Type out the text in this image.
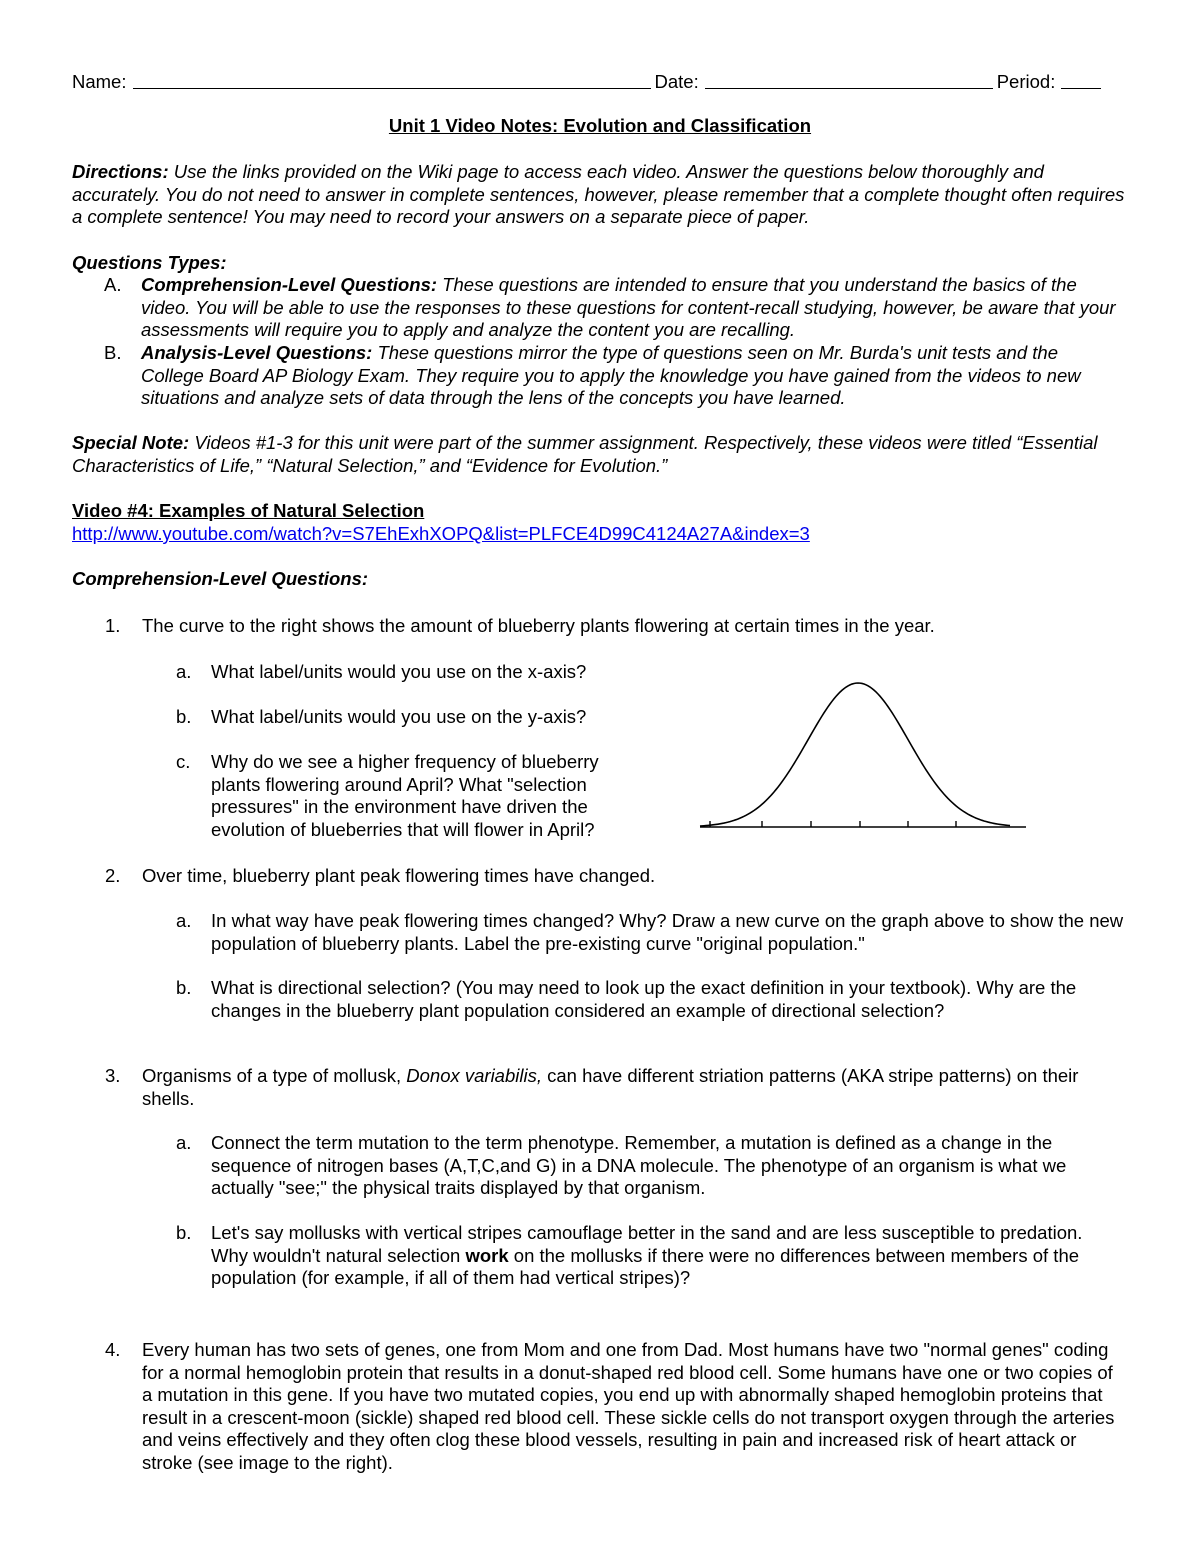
Name:	Date:	Period:
Unit 1 Video Notes: Evolution and Classification
Directions: Use the links provided on the Wiki page to access each video. Answer the questions below thoroughly and accurately. You do not need to answer in complete sentences, however, please remember that a complete thought often requires a complete sentence! You may need to record your answers on a separate piece of paper.
Questions Types:
A.	Comprehension-Level Questions: These questions are intended to ensure that you understand the basics of the video. You will be able to use the responses to these questions for content-recall studying, however, be aware that your assessments will require you to apply and analyze the content you are recalling.
B.	Analysis-Level Questions: These questions mirror the type of questions seen on Mr. Burda's unit tests and the College Board AP Biology Exam. They require you to apply the knowledge you have gained from the videos to new situations and analyze sets of data through the lens of the concepts you have learned.
Special Note: Videos #1-3 for this unit were part of the summer assignment. Respectively, these videos were titled “Essential Characteristics of Life,” “Natural Selection,” and “Evidence for Evolution.”
Video #4: Examples of Natural Selection
http://www.youtube.com/watch?v=S7EhExhXOPQ&list=PLFCE4D99C4124A27A&index=3
Comprehension-Level Questions:
1.	The curve to the right shows the amount of blueberry plants flowering at certain times in the year.
a.	What label/units would you use on the x-axis?
b.	What label/units would you use on the y-axis?
c.	Why do we see a higher frequency of blueberry plants flowering around April? What "selection pressures" in the environment have driven the evolution of blueberries that will flower in April?
2.	Over time, blueberry plant peak flowering times have changed.
a.	In what way have peak flowering times changed? Why? Draw a new curve on the graph above to show the new population of blueberry plants. Label the pre-existing curve "original population."
b.	What is directional selection? (You may need to look up the exact definition in your textbook). Why are the changes in the blueberry plant population considered an example of directional selection?
3.	Organisms of a type of mollusk, Donox variabilis, can have different striation patterns (AKA stripe patterns) on their shells.
a.	Connect the term mutation to the term phenotype. Remember, a mutation is defined as a change in the sequence of nitrogen bases (A,T,C,and G) in a DNA molecule. The phenotype of an organism is what we actually "see;" the physical traits displayed by that organism.
b.	Let's say mollusks with vertical stripes camouflage better in the sand and are less susceptible to predation. Why wouldn't natural selection work on the mollusks if there were no differences between members of the population (for example, if all of them had vertical stripes)?
4.	Every human has two sets of genes, one from Mom and one from Dad. Most humans have two "normal genes" coding for a normal hemoglobin protein that results in a donut-shaped red blood cell. Some humans have one or two copies of a mutation in this gene. If you have two mutated copies, you end up with abnormally shaped hemoglobin proteins that result in a crescent-moon (sickle) shaped red blood cell. These sickle cells do not transport oxygen through the arteries and veins effectively and they often clog these blood vessels, resulting in pain and increased risk of heart attack or stroke (see image to the right).
